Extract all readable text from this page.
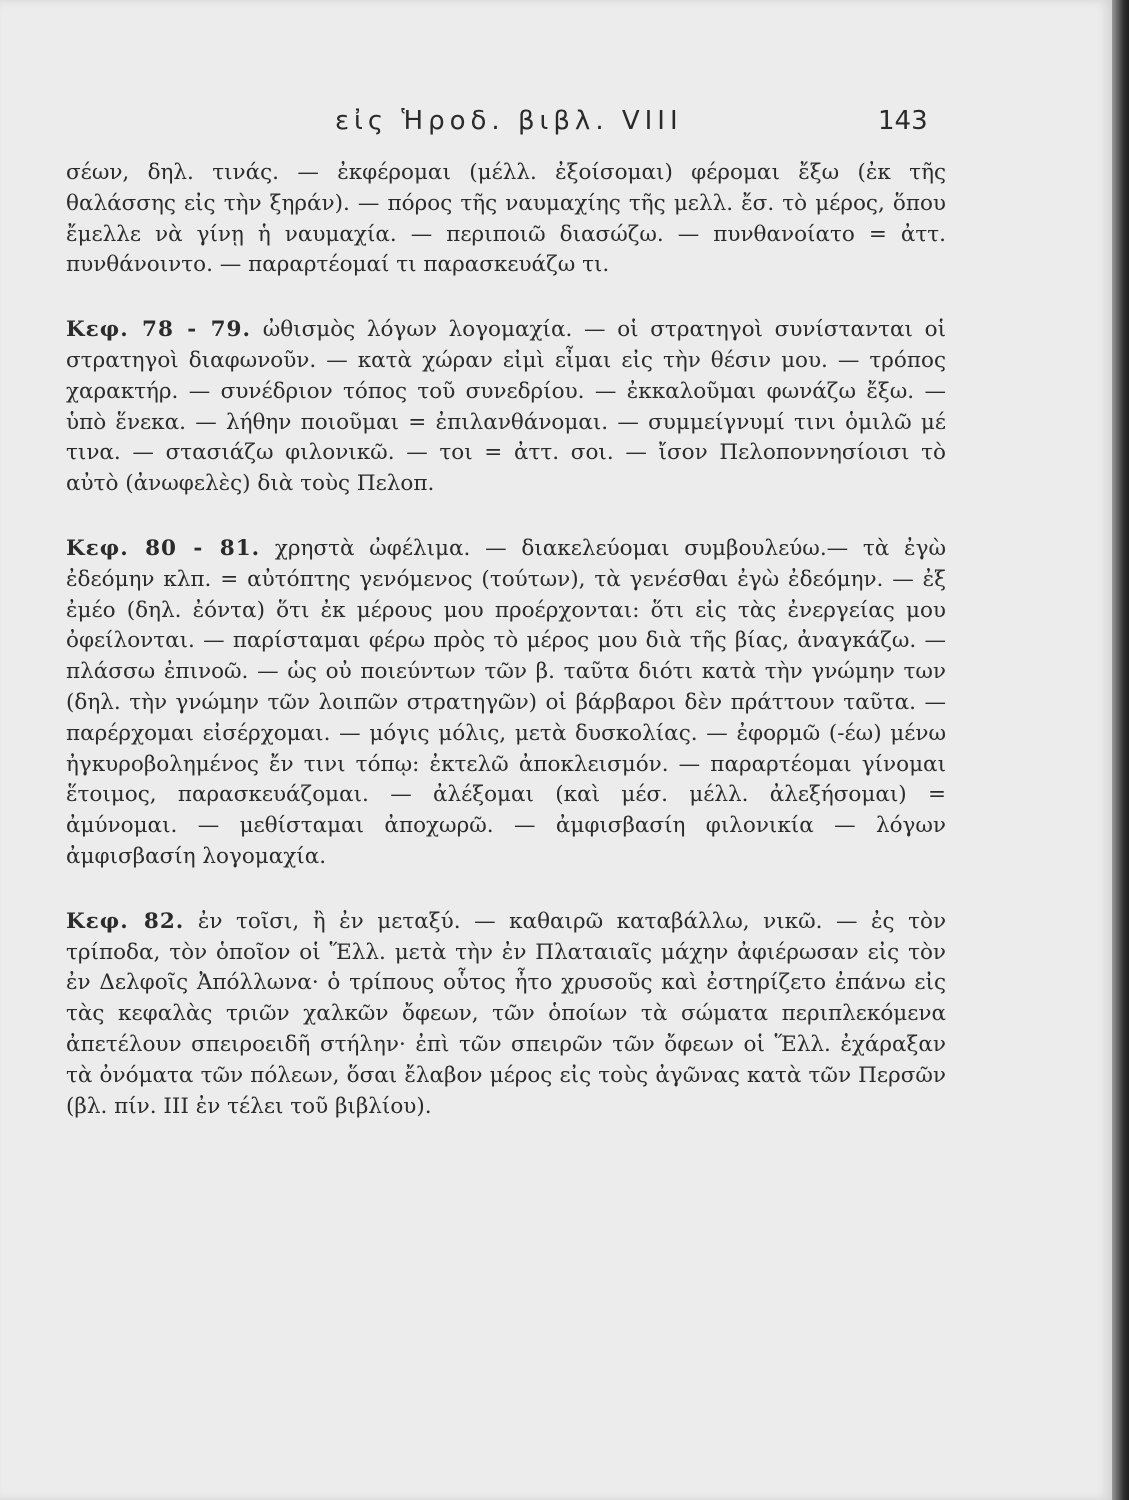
εἰς Ἡροδ. βιβλ. VIII	143

σέων, δηλ. τινάς. — ἐκφέρομαι (μέλλ. ἐξοίσομαι) φέρομαι ἔξω (ἐκ τῆς θαλάσσης εἰς τὴν ξηράν). — πόρος τῆς ναυμαχίης τῆς μελλ. ἔσ. τὸ μέρος, ὅπου ἔμελλε νὰ γίνῃ ἡ ναυμαχία. — περιποιῶ διασώζω. — πυνθανοίατο = ἀττ. πυνθάνοιντο. — παραρτέομαί τι παρασκευάζω τι.

Κεφ. 78 - 79. ὠθισμὸς λόγων λογομαχία. — οἱ στρατηγοὶ συνίστανται οἱ στρατηγοὶ διαφωνοῦν. — κατὰ χώραν εἰμὶ εἶμαι εἰς τὴν θέσιν μου. — τρόπος χαρακτήρ. — συνέδριον τόπος τοῦ συνεδρίου. — ἐκκαλοῦμαι φωνάζω ἔξω. — ὑπὸ ἕνεκα. — λήθην ποιοῦμαι = ἐπιλανθάνομαι. — συμμείγνυμί τινι ὁμιλῶ μέ τινα. — στασιάζω φιλονικῶ. — τοι = ἀττ. σοι. — ἴσον Πελοποννησίοισι τὸ αὐτὸ (ἀνωφελὲς) διὰ τοὺς Πελοπ.

Κεφ. 80 - 81. χρηστὰ ὠφέλιμα. — διακελεύομαι συμβουλεύω.— τὰ ἐγὼ ἐδεόμην κλπ. = αὐτόπτης γενόμενος (τούτων), τὰ γενέσθαι ἐγὼ ἐδεόμην. — ἐξ ἐμέο (δηλ. ἐόντα) ὅτι ἐκ μέρους μου προέρχονται: ὅτι εἰς τὰς ἐνεργείας μου ὀφείλονται. — παρίσταμαι φέρω πρὸς τὸ μέρος μου διὰ τῆς βίας, ἀναγκάζω. — πλάσσω ἐπινοῶ. — ὡς οὐ ποιεύντων τῶν β. ταῦτα διότι κατὰ τὴν γνώμην των (δηλ. τὴν γνώμην τῶν λοιπῶν στρατηγῶν) οἱ βάρβαροι δὲν πράττουν ταῦτα. — παρέρχομαι εἰσέρχομαι. — μόγις μόλις, μετὰ δυσκολίας. — ἐφορμῶ (-έω) μένω ἠγκυροβολημένος ἔν τινι τόπῳ: ἐκτελῶ ἀποκλεισμόν. — παραρτέομαι γίνομαι ἕτοιμος, παρασκευάζομαι. — ἀλέξομαι (καὶ μέσ. μέλλ. ἀλεξήσομαι) = ἀμύνομαι. — μεθίσταμαι ἀποχωρῶ. — ἀμφισβασίη φιλονικία — λόγων ἀμφισβασίη λογομαχία.

Κεφ. 82. ἐν τοῖσι, ἢ ἐν μεταξύ. — καθαιρῶ καταβάλλω, νικῶ. — ἐς τὸν τρίποδα, τὸν ὁποῖον οἱ Ἕλλ. μετὰ τὴν ἐν Πλαταιαῖς μάχην ἀφιέρωσαν εἰς τὸν ἐν Δελφοῖς Ἀπόλλωνα· ὁ τρίπους οὗτος ἦτο χρυσοῦς καὶ ἐστηρίζετο ἐπάνω εἰς τὰς κεφαλὰς τριῶν χαλκῶν ὄφεων, τῶν ὁποίων τὰ σώματα περιπλεκόμενα ἀπετέλουν σπειροειδῆ στήλην· ἐπὶ τῶν σπειρῶν τῶν ὄφεων οἱ Ἕλλ. ἐχάραξαν τὰ ὀνόματα τῶν πόλεων, ὅσαι ἔλαβον μέρος εἰς τοὺς ἀγῶνας κατὰ τῶν Περσῶν (βλ. πίν. ΙΙΙ ἐν τέλει τοῦ βιβλίου).
